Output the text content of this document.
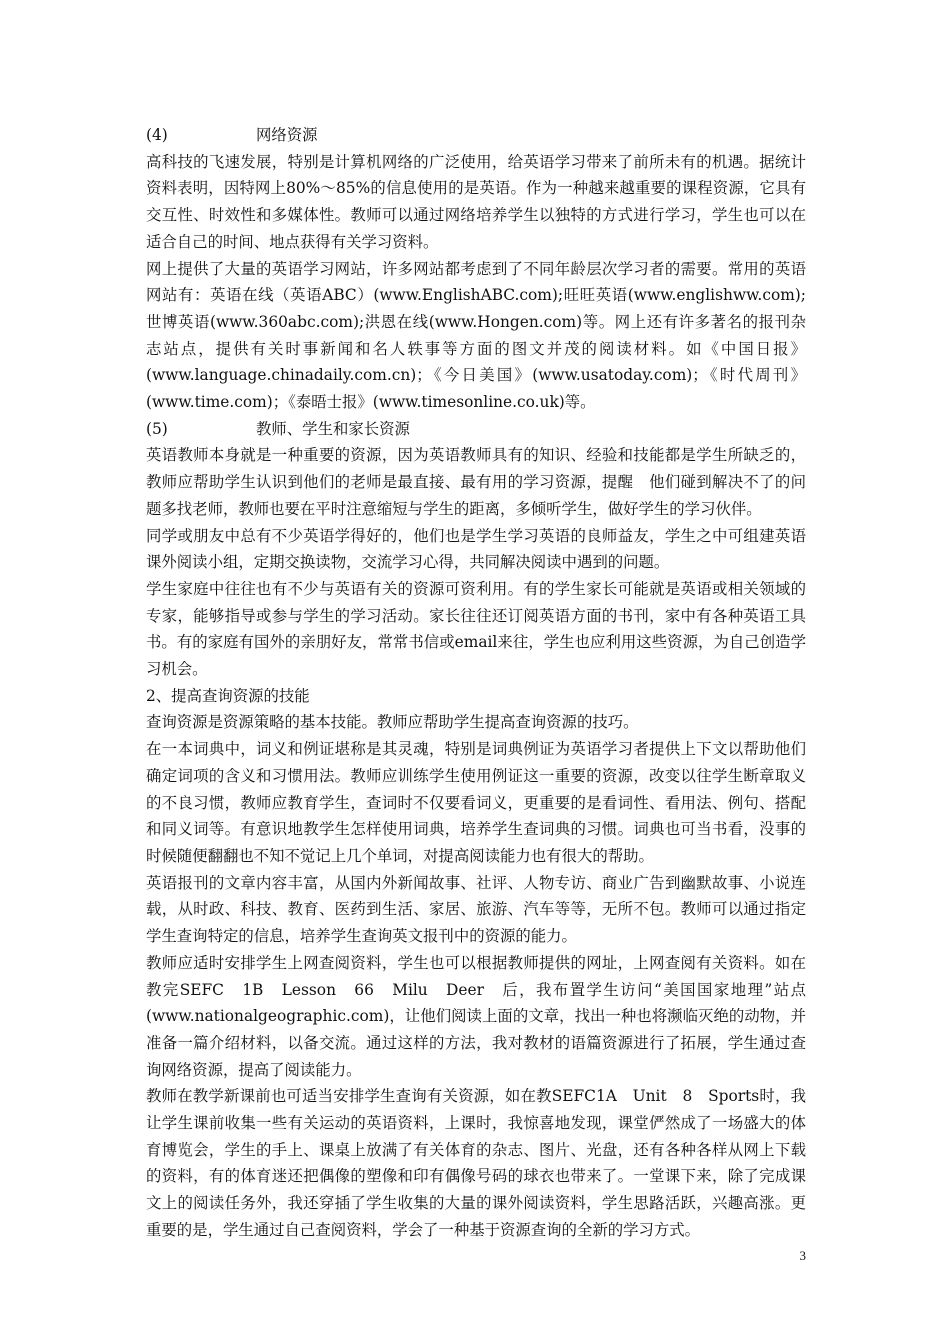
(4)	网络资源

高科技的飞速发展，特别是计算机网络的广泛使用，给英语学习带来了前所未有的机遇。据统计资料表明，因特网上80%～85%的信息使用的是英语。作为一种越来越重要的课程资源，它具有交互性、时效性和多媒体性。教师可以通过网络培养学生以独特的方式进行学习，学生也可以在适合自己的时间、地点获得有关学习资料。

网上提供了大量的英语学习网站，许多网站都考虑到了不同年龄层次学习者的需要。常用的英语网站有：英语在线（英语ABC）(www.EnglishABC.com);旺旺英语(www.englishww.com);世博英语(www.360abc.com);洪恩在线(www.Hongen.com)等。网上还有许多著名的报刊杂志站点，提供有关时事新闻和名人轶事等方面的图文并茂的阅读材料。如《中国日报》(www.language.chinadaily.com.cn)；《今日美国》(www.usatoday.com)；《时代周刊》(www.time.com)；《泰晤士报》(www.timesonline.co.uk)等。

(5)	教师、学生和家长资源

英语教师本身就是一种重要的资源，因为英语教师具有的知识、经验和技能都是学生所缺乏的，教师应帮助学生认识到他们的老师是最直接、最有用的学习资源，提醒　他们碰到解决不了的问题多找老师，教师也要在平时注意缩短与学生的距离，多倾听学生，做好学生的学习伙伴。

同学或朋友中总有不少英语学得好的，他们也是学生学习英语的良师益友，学生之中可组建英语课外阅读小组，定期交换读物，交流学习心得，共同解决阅读中遇到的问题。

学生家庭中往往也有不少与英语有关的资源可资利用。有的学生家长可能就是英语或相关领域的专家，能够指导或参与学生的学习活动。家长往往还订阅英语方面的书刊，家中有各种英语工具书。有的家庭有国外的亲朋好友，常常书信或email来往，学生也应利用这些资源，为自己创造学习机会。

2、提高查询资源的技能

查询资源是资源策略的基本技能。教师应帮助学生提高查询资源的技巧。

在一本词典中，词义和例证堪称是其灵魂，特别是词典例证为英语学习者提供上下文以帮助他们确定词项的含义和习惯用法。教师应训练学生使用例证这一重要的资源，改变以往学生断章取义的不良习惯，教师应教育学生，查词时不仅要看词义，更重要的是看词性、看用法、例句、搭配和同义词等。有意识地教学生怎样使用词典，培养学生查词典的习惯。词典也可当书看，没事的时候随便翻翻也不知不觉记上几个单词，对提高阅读能力也有很大的帮助。

英语报刊的文章内容丰富，从国内外新闻故事、社评、人物专访、商业广告到幽默故事、小说连载，从时政、科技、教育、医药到生活、家居、旅游、汽车等等，无所不包。教师可以通过指定学生查询特定的信息，培养学生查询英文报刊中的资源的能力。

教师应适时安排学生上网查阅资料，学生也可以根据教师提供的网址，上网查阅有关资料。如在教完SEFC　1B　Lesson　66　Milu　Deer　后，我布置学生访问“美国国家地理”站点　(www.nationalgeographic.com)，让他们阅读上面的文章，找出一种也将濒临灭绝的动物，并准备一篇介绍材料，以备交流。通过这样的方法，我对教材的语篇资源进行了拓展，学生通过查询网络资源，提高了阅读能力。

教师在教学新课前也可适当安排学生查询有关资源，如在教SEFC1A　Unit　8　Sports时，我让学生课前收集一些有关运动的英语资料，上课时，我惊喜地发现，课堂俨然成了一场盛大的体育博览会，学生的手上、课桌上放满了有关体育的杂志、图片、光盘，还有各种各样从网上下载的资料，有的体育迷还把偶像的塑像和印有偶像号码的球衣也带来了。一堂课下来，除了完成课文上的阅读任务外，我还穿插了学生收集的大量的课外阅读资料，学生思路活跃，兴趣高涨。更重要的是，学生通过自己查阅资料，学会了一种基于资源查询的全新的学习方式。

3
